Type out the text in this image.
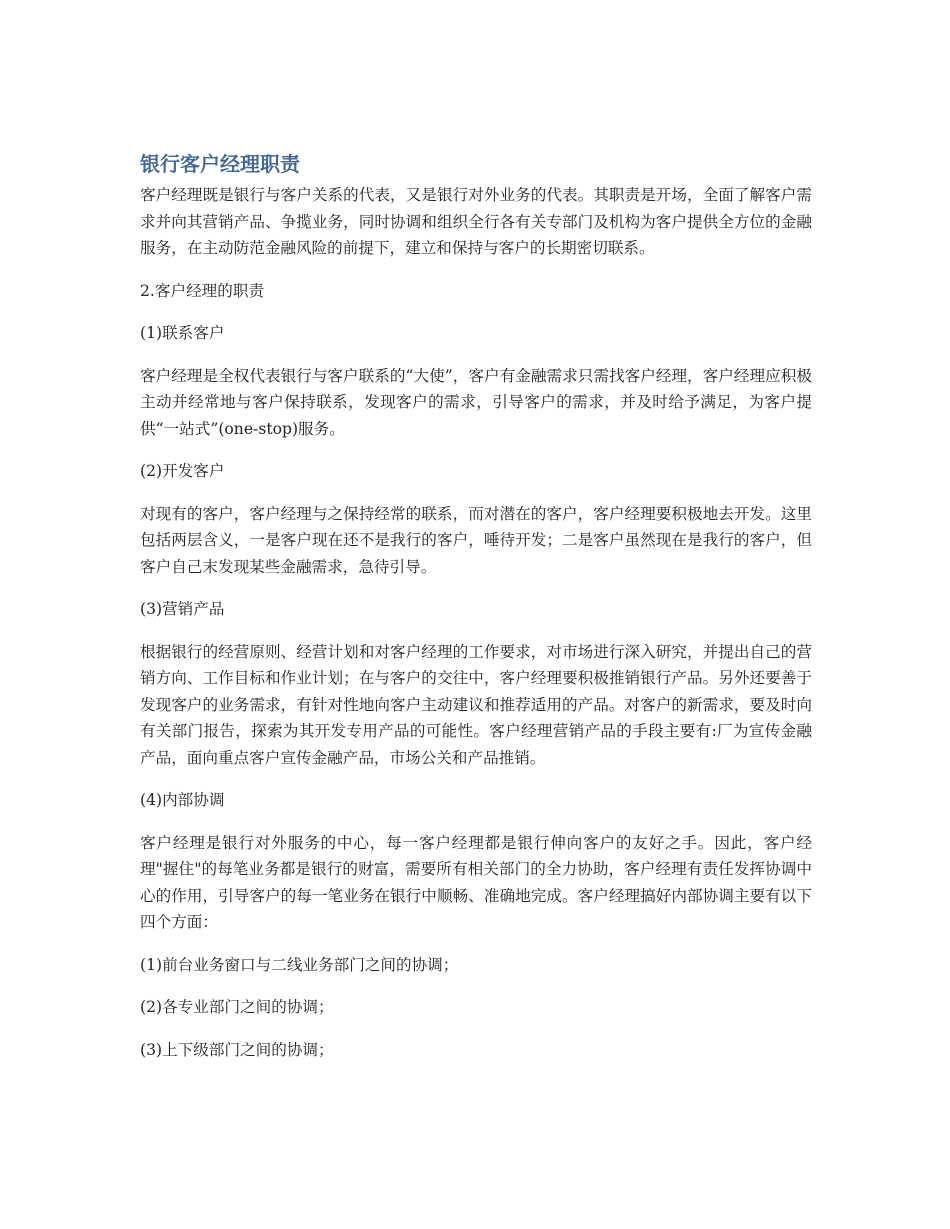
银行客户经理职责

客户经理既是银行与客户关系的代表，又是银行对外业务的代表。其职责是开场，全面了解客户需求并向其营销产品、争揽业务，同时协调和组织全行各有关专部门及机构为客户提供全方位的金融服务，在主动防范金融风险的前提下，建立和保持与客户的长期密切联系。

2.客户经理的职责

(1)联系客户

客户经理是全权代表银行与客户联系的“大使”，客户有金融需求只需找客户经理，客户经理应积极主动并经常地与客户保持联系，发现客户的需求，引导客户的需求，并及时给予满足，为客户提供“一站式”(one-stop)服务。

(2)开发客户

对现有的客户，客户经理与之保持经常的联系，而对潜在的客户，客户经理要积极地去开发。这里包括两层含义，一是客户现在还不是我行的客户，唾待开发；二是客户虽然现在是我行的客户，但客户自己末发现某些金融需求，急待引导。

(3)营销产品

根据银行的经营原则、经营计划和对客户经理的工作要求，对市场进行深入研究，并提出自己的营销方向、工作目标和作业计划；在与客户的交往中，客户经理要积极推销银行产品。另外还要善于发现客户的业务需求，有针对性地向客户主动建议和推荐适用的产品。对客户的新需求，要及时向有关部门报告，探索为其开发专用产品的可能性。客户经理营销产品的手段主要有:厂为宣传金融产品，面向重点客户宣传金融产品，市场公关和产品推销。

(4)内部协调

客户经理是银行对外服务的中心，每一客户经理都是银行伸向客户的友好之手。因此，客户经理"握住"的每笔业务都是银行的财富，需要所有相关部门的全力协助，客户经理有责任发挥协调中心的作用，引导客户的每一笔业务在银行中顺畅、准确地完成。客户经理搞好内部协调主要有以下四个方面：

(1)前台业务窗口与二线业务部门之间的协调；

(2)各专业部门之间的协调；

(3)上下级部门之间的协调；
